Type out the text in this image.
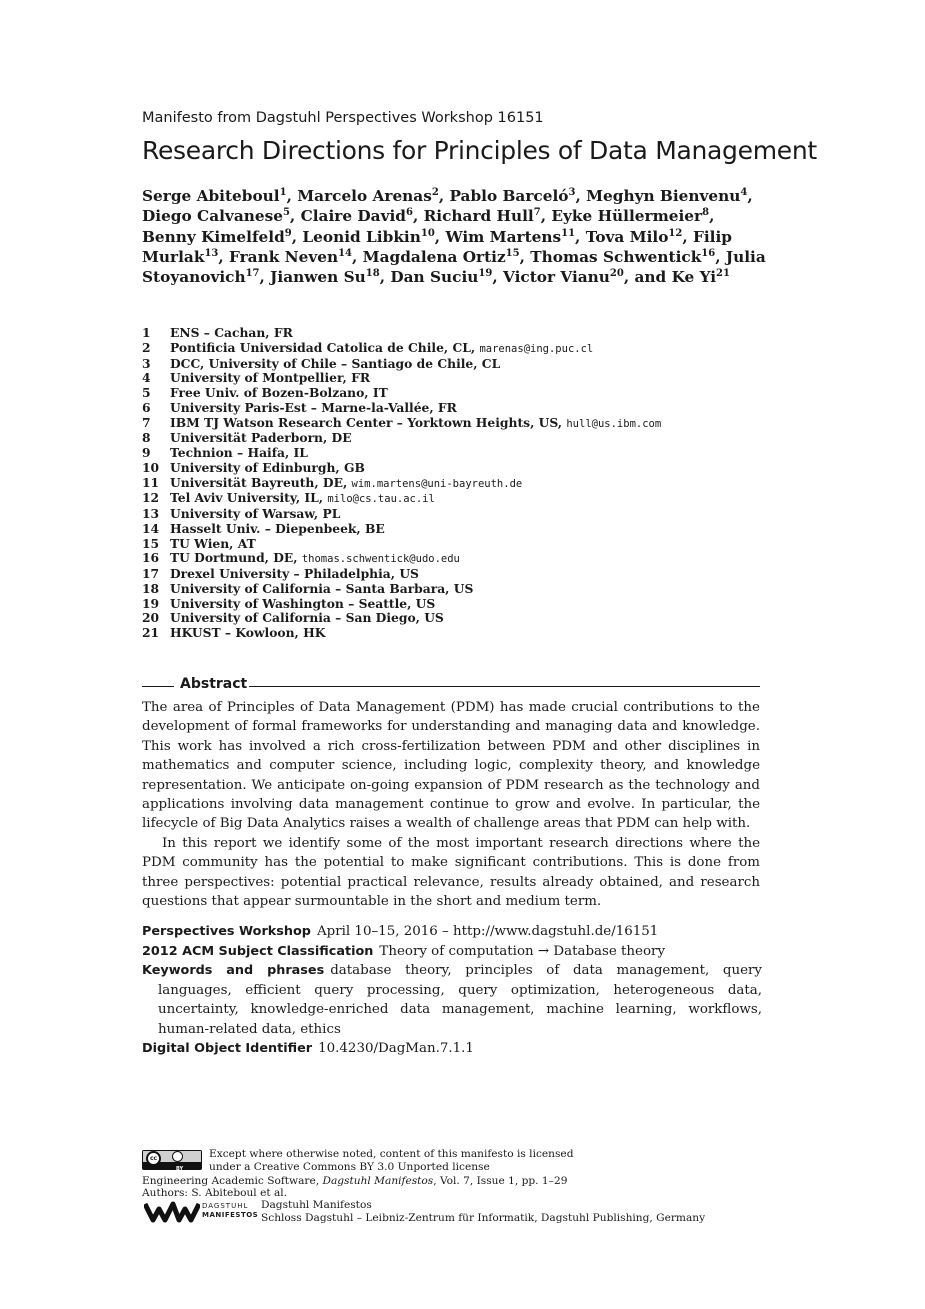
Manifesto from Dagstuhl Perspectives Workshop 16151
Research Directions for Principles of Data Management
Serge Abiteboul$^1$, Marcelo Arenas$^2$, Pablo Barceló$^3$, Meghyn Bienvenu$^4$, Diego Calvanese$^5$, Claire David$^6$, Richard Hull$^7$, Eyke Hüllermeier$^8$, Benny Kimelfeld$^9$, Leonid Libkin$^{10}$, Wim Martens$^{11}$, Tova Milo$^{12}$, Filip Murlak$^{13}$, Frank Neven$^{14}$, Magdalena Ortiz$^{15}$, Thomas Schwentick$^{16}$, Julia Stoyanovich$^{17}$, Jianwen Su$^{18}$, Dan Suciu$^{19}$, Victor Vianu$^{20}$, and Ke Yi$^{21}$
1	ENS – Cachan, FR
2	Pontificia Universidad Catolica de Chile, CL, marenas@ing.puc.cl
3	DCC, University of Chile – Santiago de Chile, CL
4	University of Montpellier, FR
5	Free Univ. of Bozen-Bolzano, IT
6	University Paris-Est – Marne-la-Vallée, FR
7	IBM TJ Watson Research Center – Yorktown Heights, US, hull@us.ibm.com
8	Universität Paderborn, DE
9	Technion – Haifa, IL
10 University of Edinburgh, GB
11 Universität Bayreuth, DE, wim.martens@uni-bayreuth.de
12 Tel Aviv University, IL, milo@cs.tau.ac.il
13 University of Warsaw, PL
14 Hasselt Univ. – Diepenbeek, BE
15 TU Wien, AT
16 TU Dortmund, DE, thomas.schwentick@udo.edu
17 Drexel University – Philadelphia, US
18 University of California – Santa Barbara, US
19 University of Washington – Seattle, US
20 University of California – San Diego, US
21 HKUST – Kowloon, HK
Abstract

The area of Principles of Data Management (PDM) has made crucial contributions to the development of formal frameworks for understanding and managing data and knowledge. This work has involved a rich cross-fertilization between PDM and other disciplines in mathematics and computer science, including logic, complexity theory, and knowledge representation. We anticipate on-going expansion of PDM research as the technology and applications involving data management continue to grow and evolve. In particular, the lifecycle of Big Data Analytics raises a wealth of challenge areas that PDM can help with.

In this report we identify some of the most important research directions where the PDM community has the potential to make significant contributions. This is done from three perspectives: potential practical relevance, results already obtained, and research questions that appear surmountable in the short and medium term.

Perspectives Workshop April 10–15, 2016 – http://www.dagstuhl.de/16151
2012 ACM Subject Classification Theory of computation → Database theory
Keywords and phrases database theory, principles of data management, query languages, efficient query processing, query optimization, heterogeneous data, uncertainty, knowledge-enriched data management, machine learning, workflows, human-related data, ethics
Digital Object Identifier 10.4230/DagMan.7.1.1
cc
BY
Except where otherwise noted, content of this manifesto is licensed
under a Creative Commons BY 3.0 Unported license
Engineering Academic Software, Dagstuhl Manifestos, Vol. 7, Issue 1, pp. 1–29
Authors: S. Abiteboul et al.
DAGSTUHL
MANIFESTOS
Dagstuhl Manifestos
Schloss Dagstuhl – Leibniz-Zentrum für Informatik, Dagstuhl Publishing, Germany
